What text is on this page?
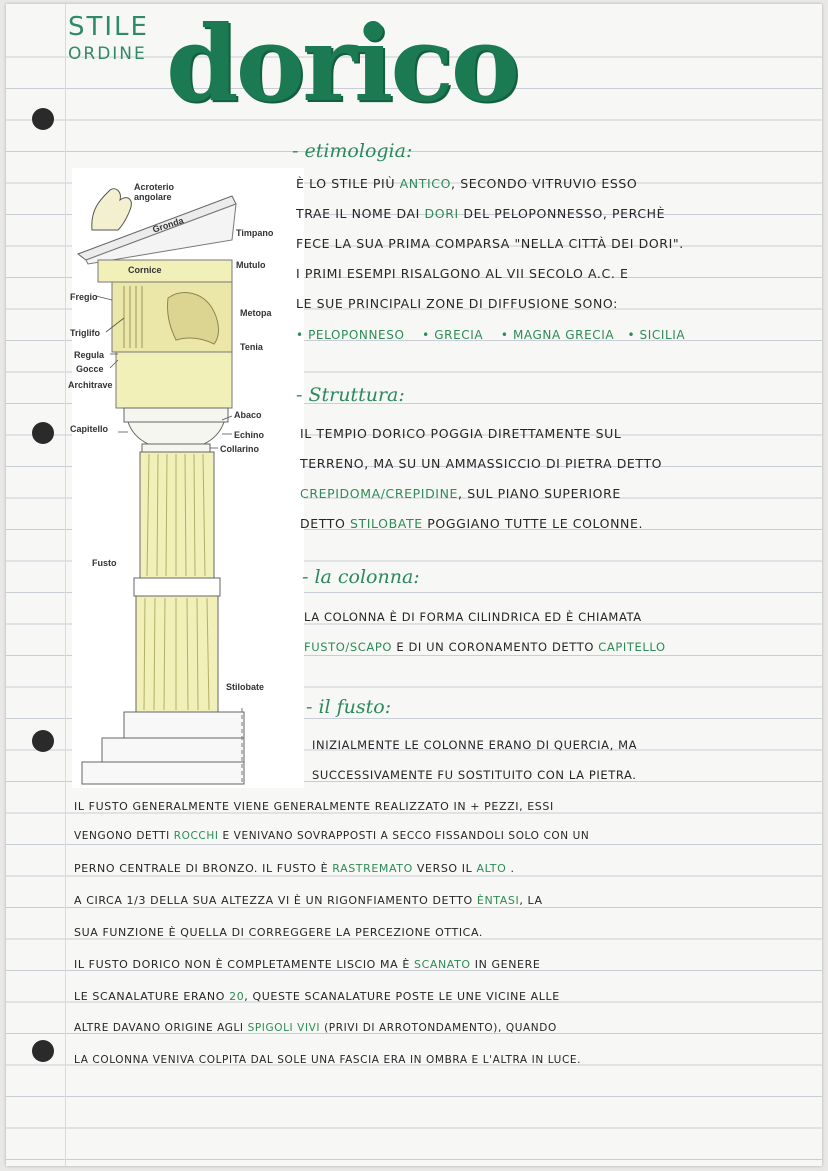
STILE
ORDINE dorico
Acroterio
angolare
Gronda	Timpano
Cornice	Mutulo
Fregio
Metopa
Triglifo
Tenia
Regula
Gocce
Architrave
Abaco
Capitello
Echino
Collarino
Fusto
Stilobate
- etimologia:
È LO STILE PIÙ ANTICO, SECONDO VITRUVIO ESSO
TRAE IL NOME DAI DORI DEL PELOPONNESSO, PERCHÈ
FECE LA SUA PRIMA COMPARSA "NELLA CITTÀ DEI DORI".
I PRIMI ESEMPI RISALGONO AL VII SECOLO A.C. E
LE SUE PRINCIPALI ZONE DI DIFFUSIONE SONO:
• PELOPONNESO • GRECIA • MAGNA GRECIA • SICILIA
- Struttura:
IL TEMPIO DORICO POGGIA DIRETTAMENTE SUL
TERRENO, MA SU UN AMMASSICCIO DI PIETRA DETTO
CREPIDOMA/CREPIDINE, SUL PIANO SUPERIORE
DETTO STILOBATE POGGIANO TUTTE LE COLONNE.
- la colonna:
LA COLONNA È DI FORMA CILINDRICA ED È CHIAMATA
FUSTO/SCAPO E DI UN CORONAMENTO DETTO CAPITELLO
- il fusto:
INIZIALMENTE LE COLONNE ERANO DI QUERCIA, MA
SUCCESSIVAMENTE FU SOSTITUITO CON LA PIETRA.
IL FUSTO GENERALMENTE VIENE GENERALMENTE REALIZZATO IN + PEZZI, ESSI
VENGONO DETTI ROCCHI E VENIVANO SOVRAPPOSTI A SECCO FISSANDOLI SOLO CON UN
PERNO CENTRALE DI BRONZO. IL FUSTO È RASTREMATO VERSO IL ALTO .
A CIRCA 1/3 DELLA SUA ALTEZZA VI È UN RIGONFIAMENTO DETTO ÈNTASI, LA
SUA FUNZIONE È QUELLA DI CORREGGERE LA PERCEZIONE OTTICA.
IL FUSTO DORICO NON È COMPLETAMENTE LISCIO MA È SCANATO IN GENERE
LE SCANALATURE ERANO 20, QUESTE SCANALATURE POSTE LE UNE VICINE ALLE
ALTRE DAVANO ORIGINE AGLI SPIGOLI VIVI (PRIVI DI ARROTONDAMENTO), QUANDO
LA COLONNA VENIVA COLPITA DAL SOLE UNA FASCIA ERA IN OMBRA E L'ALTRA IN LUCE.
